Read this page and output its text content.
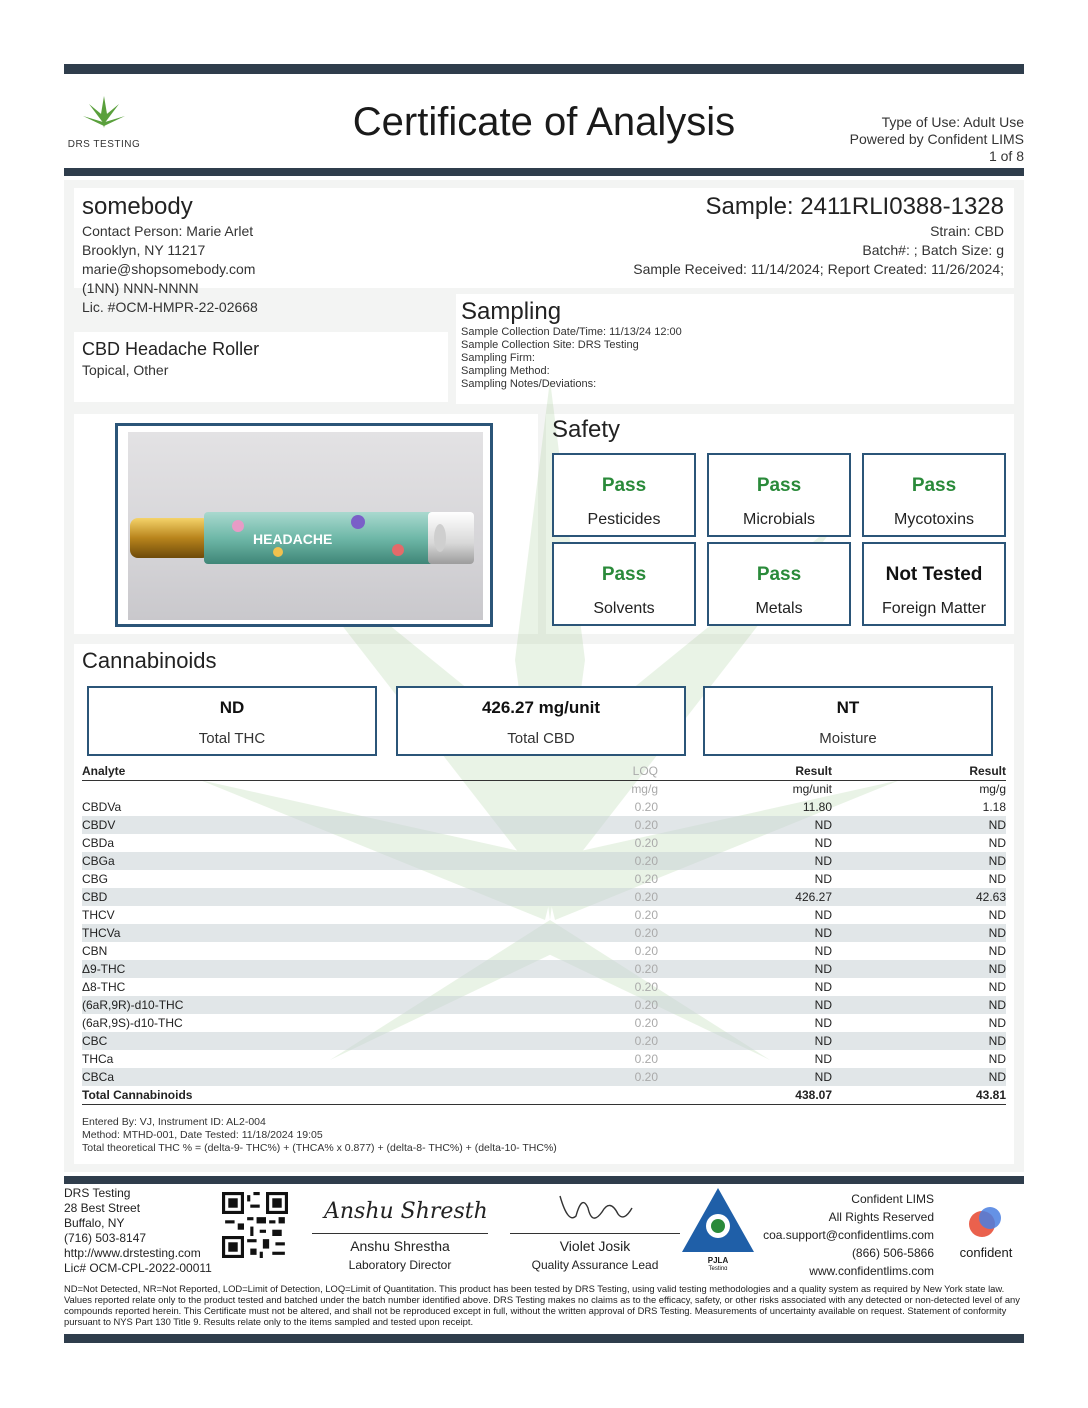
DRS TESTING
Certificate of Analysis	Type of Use: Adult Use
Powered by Confident LIMS
1 of 8
somebody
Contact Person: Marie Arlet
Brooklyn, NY 11217
marie@shopsomebody.com
(1NN) NNN-NNNN
Lic. #OCM-HMPR-22-02668
Sample: 2411RLI0388-1328
Strain: CBD
Batch#: ; Batch Size: g
Sample Received: 11/14/2024; Report Created: 11/26/2024;
CBD Headache Roller
Topical, Other
Sampling
Sample Collection Date/Time: 11/13/24 12:00
Sample Collection Site: DRS Testing
Sampling Firm:
Sampling Method:
Sampling Notes/Deviations:
HEADACHE
Safety
Pass
Pesticides
Pass
Microbials
Pass
Mycotoxins
Pass
Solvents
Pass
Metals
Not Tested
Foreign Matter
Cannabinoids
ND
Total THC
426.27 mg/unit
Total CBD
NT
Moisture
Analyte	LOQ	Result	Result
	mg/g	mg/unit	mg/g
CBDVa	0.20	11.80	1.18
CBDV	0.20	ND	ND
CBDa	0.20	ND	ND
CBGa	0.20	ND	ND
CBG	0.20	ND	ND
CBD	0.20	426.27	42.63
THCV	0.20	ND	ND
THCVa	0.20	ND	ND
CBN	0.20	ND	ND
Δ9-THC	0.20	ND	ND
Δ8-THC	0.20	ND	ND
(6aR,9R)-d10-THC	0.20	ND	ND
(6aR,9S)-d10-THC	0.20	ND	ND
CBC	0.20	ND	ND
THCa	0.20	ND	ND
CBCa	0.20	ND	ND
Total Cannabinoids		438.07	43.81
Entered By: VJ, Instrument ID: AL2-004
Method: MTHD-001, Date Tested: 11/18/2024 19:05
Total theoretical THC % = (delta-9- THC%) + (THCA% x 0.877) + (delta-8- THC%) + (delta-10- THC%)
DRS Testing
28 Best Street
Buffalo, NY
(716) 503-8147
http://www.drstesting.com
Lic# OCM-CPL-2022-00011
Anshu Shrestha
Anshu Shrestha
Laboratory Director
VJ
Violet Josik
Quality Assurance Lead	PJLA
Testing
Confident LIMS
All Rights Reserved
coa.support@confidentlims.com
(866) 506-5866
www.confidentlims.com
confident
ND=Not Detected, NR=Not Reported, LOD=Limit of Detection, LOQ=Limit of Quantitation. This product has been tested by DRS Testing, using valid testing methodologies and a quality system as required by New York state law. Values reported relate only to the product tested and batched under the batch number identified above. DRS Testing makes no claims as to the efficacy, safety, or other risks associated with any detected or non-detected level of any compounds reported herein. This Certificate must not be altered, and shall not be reproduced except in full, without the written approval of DRS Testing. Measurements of uncertainty available on request. Statement of conformity pursuant to NYS Part 130 Title 9. Results relate only to the items sampled and tested upon receipt.
